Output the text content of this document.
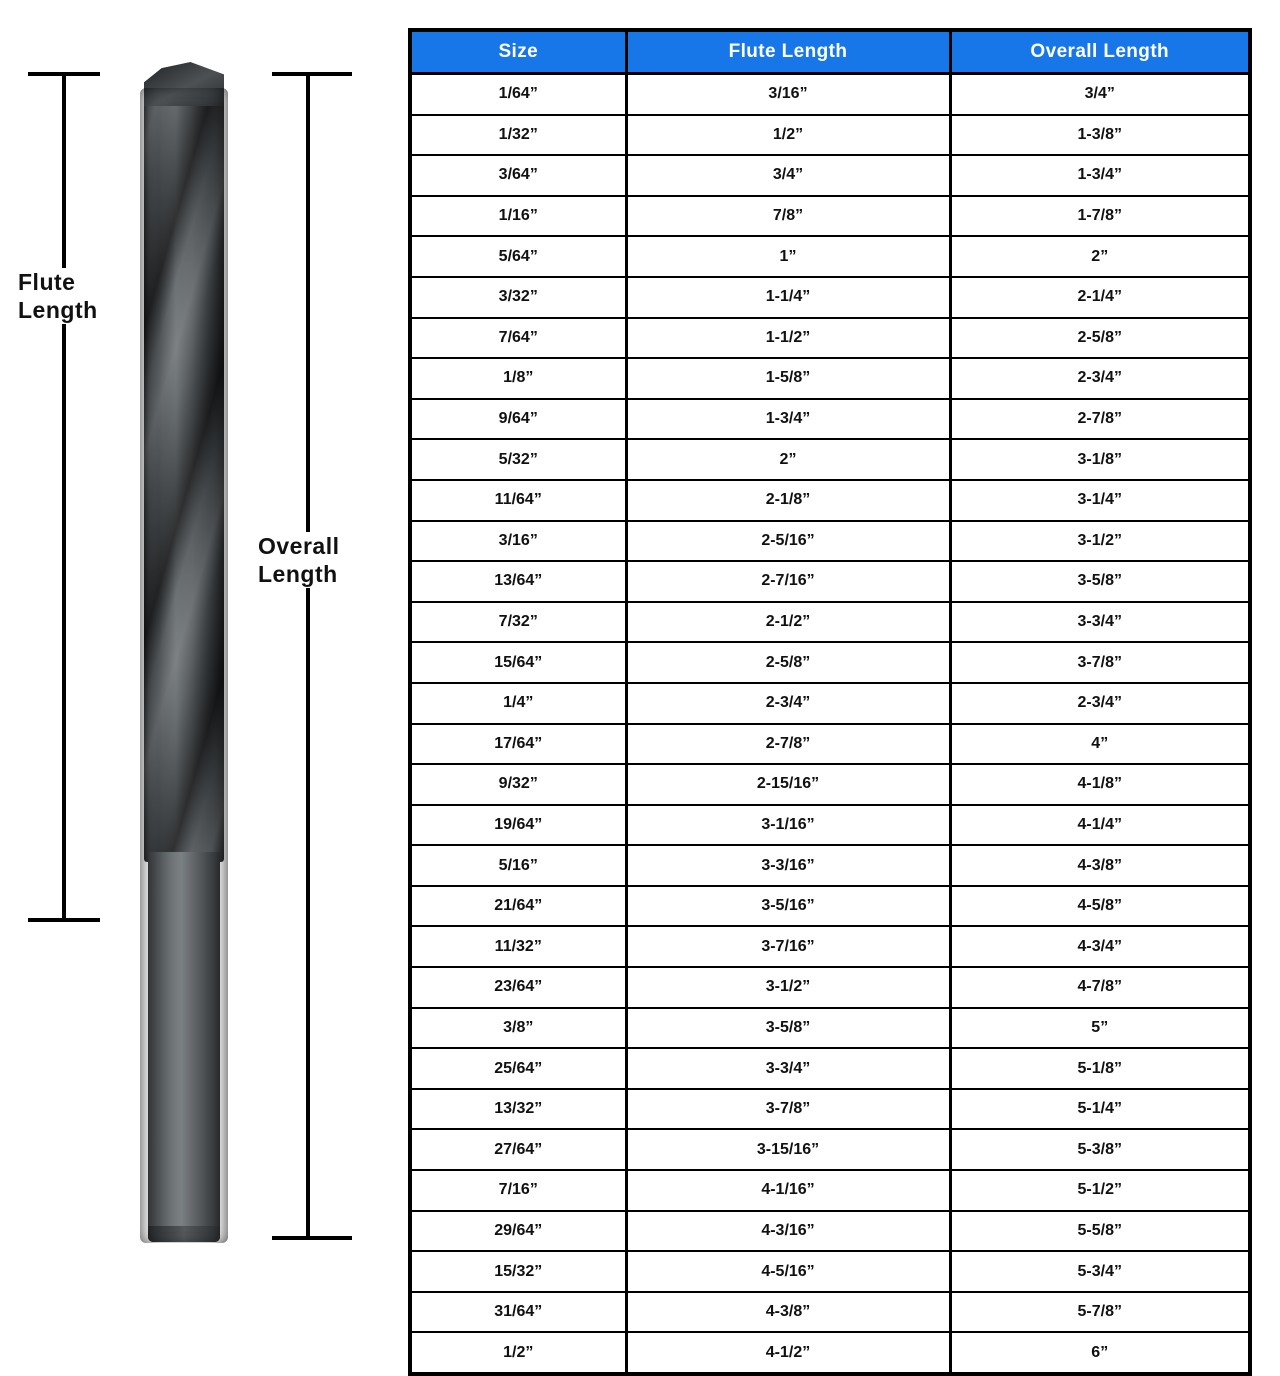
Flute
Length
Overall
Length
Size	Flute Length	Overall Length
1/64”	3/16”	3/4”
1/32”	1/2”	1-3/8”
3/64”	3/4”	1-3/4”
1/16”	7/8”	1-7/8”
5/64”	1”	2”
3/32”	1-1/4”	2-1/4”
7/64”	1-1/2”	2-5/8”
1/8”	1-5/8”	2-3/4”
9/64”	1-3/4”	2-7/8”
5/32”	2”	3-1/8”
11/64”	2-1/8”	3-1/4”
3/16”	2-5/16”	3-1/2”
13/64”	2-7/16”	3-5/8”
7/32”	2-1/2”	3-3/4”
15/64”	2-5/8”	3-7/8”
1/4”	2-3/4”	2-3/4”
17/64”	2-7/8”	4”
9/32”	2-15/16”	4-1/8”
19/64”	3-1/16”	4-1/4”
5/16”	3-3/16”	4-3/8”
21/64”	3-5/16”	4-5/8”
11/32”	3-7/16”	4-3/4”
23/64”	3-1/2”	4-7/8”
3/8”	3-5/8”	5”
25/64”	3-3/4”	5-1/8”
13/32”	3-7/8”	5-1/4”
27/64”	3-15/16”	5-3/8”
7/16”	4-1/16”	5-1/2”
29/64”	4-3/16”	5-5/8”
15/32”	4-5/16”	5-3/4”
31/64”	4-3/8”	5-7/8”
1/2”	4-1/2”	6”
